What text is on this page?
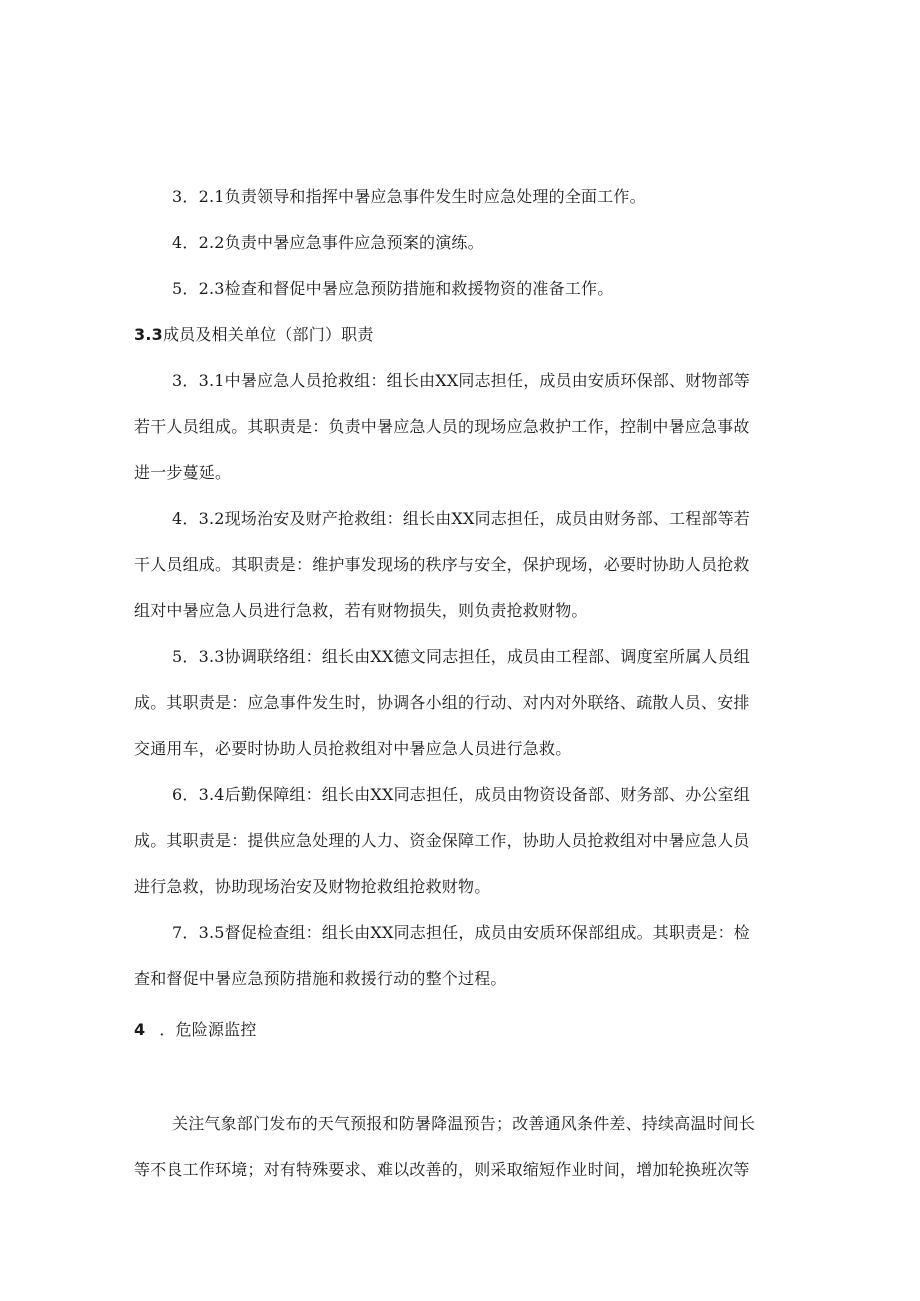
3．2.1负责领导和指挥中暑应急事件发生时应急处理的全面工作。
4．2.2负责中暑应急事件应急预案的演练。
5．2.3检查和督促中暑应急预防措施和救援物资的准备工作。
3.3成员及相关单位（部门）职责
3．3.1中暑应急人员抢救组：组长由XX同志担任，成员由安质环保部、财物部等
若干人员组成。其职责是：负责中暑应急人员的现场应急救护工作，控制中暑应急事故
进一步蔓延。
4．3.2现场治安及财产抢救组：组长由XX同志担任，成员由财务部、工程部等若
干人员组成。其职责是：维护事发现场的秩序与安全，保护现场，必要时协助人员抢救
组对中暑应急人员进行急救，若有财物损失，则负责抢救财物。
5．3.3协调联络组：组长由XX德文同志担任，成员由工程部、调度室所属人员组
成。其职责是：应急事件发生时，协调各小组的行动、对内对外联络、疏散人员、安排
交通用车，必要时协助人员抢救组对中暑应急人员进行急救。
6．3.4后勤保障组：组长由XX同志担任，成员由物资设备部、财务部、办公室组
成。其职责是：提供应急处理的人力、资金保障工作，协助人员抢救组对中暑应急人员
进行急救，协助现场治安及财物抢救组抢救财物。
7．3.5督促检查组：组长由XX同志担任，成员由安质环保部组成。其职责是：检
查和督促中暑应急预防措施和救援行动的整个过程。
4 ．危险源监控
关注气象部门发布的天气预报和防暑降温预告；改善通风条件差、持续高温时间长
等不良工作环境；对有特殊要求、难以改善的，则采取缩短作业时间，增加轮换班次等
